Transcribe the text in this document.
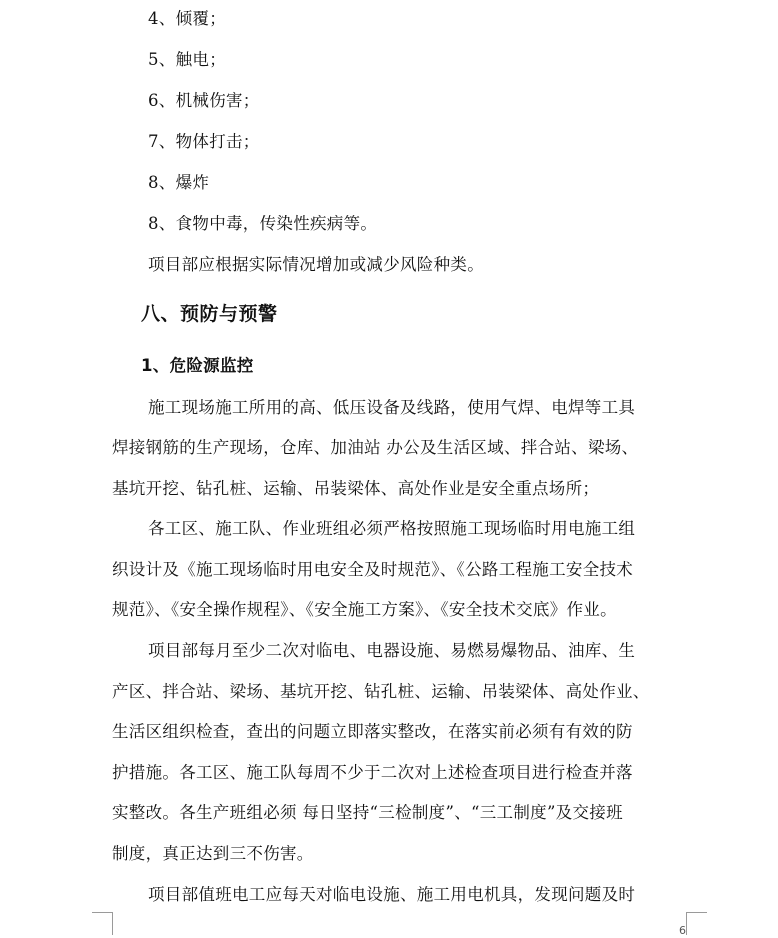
4、倾覆；
5、触电；
6、机械伤害；
7、物体打击；
8、爆炸
8、食物中毒，传染性疾病等。
项目部应根据实际情况增加或减少风险种类。
八、预防与预警
1、危险源监控
施工现场施工所用的高、低压设备及线路，使用气焊、电焊等工具
焊接钢筋的生产现场，仓库、加油站 办公及生活区域、拌合站、梁场、
基坑开挖、钻孔桩、运输、吊装梁体、高处作业是安全重点场所；
各工区、施工队、作业班组必须严格按照施工现场临时用电施工组
织设计及《施工现场临时用电安全及时规范》、《公路工程施工安全技术
规范》、《安全操作规程》、《安全施工方案》、《安全技术交底》作业。
项目部每月至少二次对临电、电器设施、易燃易爆物品、油库、生
产区、拌合站、梁场、基坑开挖、钻孔桩、运输、吊装梁体、高处作业、
生活区组织检查，查出的问题立即落实整改，在落实前必须有有效的防
护措施。各工区、施工队每周不少于二次对上述检查项目进行检查并落
实整改。各生产班组必须 每日坚持“三检制度”、“三工制度”及交接班
制度，真正达到三不伤害。
项目部值班电工应每天对临电设施、施工用电机具，发现问题及时
6
